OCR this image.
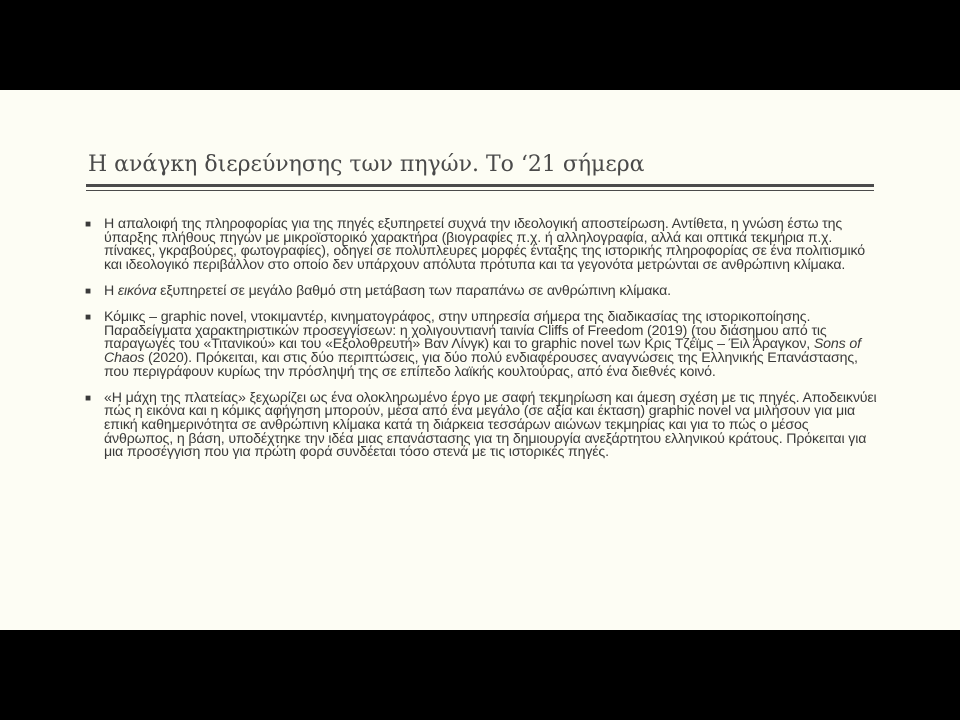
Η ανάγκη διερεύνησης των πηγών. Το ‘21 σήμερα
■ Η απαλοιφή της πληροφορίας για της πηγές εξυπηρετεί συχνά την ιδεολογική αποστείρωση. Αντίθετα, η γνώση έστω της ύπαρξης πλήθους πηγών με μικροϊστορικό χαρακτήρα (βιογραφίες π.χ. ή αλληλογραφία, αλλά και οπτικά τεκμήρια π.χ. πίνακες, γκραβούρες, φωτογραφίες), οδηγεί σε πολύπλευρες μορφές ένταξης της ιστορικής πληροφορίας σε ένα πολιτισμικό και ιδεολογικό περιβάλλον στο οποίο δεν υπάρχουν απόλυτα πρότυπα και τα γεγονότα μετρώνται σε ανθρώπινη κλίμακα.
■ Η εικόνα εξυπηρετεί σε μεγάλο βαθμό στη μετάβαση των παραπάνω σε ανθρώπινη κλίμακα.
■ Κόμικς – graphic novel, ντοκιμαντέρ, κινηματογράφος, στην υπηρεσία σήμερα της διαδικασίας της ιστορικοποίησης. Παραδείγματα χαρακτηριστικών προσεγγίσεων: η χολιγουντιανή ταινία Cliffs of Freedom (2019) (του διάσημου από τις παραγωγές του «Τιτανικού» και του «Εξολοθρευτή» Βαν Λίνγκ) και το graphic novel των Κρις Τζέϊμς – Έιλ Άραγκον, Sons of Chaos (2020). Πρόκειται, και στις δύο περιπτώσεις, για δύο πολύ ενδιαφέρουσες αναγνώσεις της Ελληνικής Επανάστασης, που περιγράφουν κυρίως την πρόσληψή της σε επίπεδο λαϊκής κουλτούρας, από ένα διεθνές κοινό.
■ «Η μάχη της πλατείας» ξεχωρίζει ως ένα ολοκληρωμένο έργο με σαφή τεκμηρίωση και άμεση σχέση με τις πηγές. Αποδεικνύει πώς η εικόνα και η κόμικς αφήγηση μπορούν, μέσα από ένα μεγάλο (σε αξία και έκταση) graphic novel να μιλήσουν για μια επική καθημερινότητα σε ανθρώπινη κλίμακα κατά τη διάρκεια τεσσάρων αιώνων τεκμηρίας και για το πώς ο μέσος άνθρωπος, η βάση, υποδέχτηκε την ιδέα μιας επανάστασης για τη δημιουργία ανεξάρτητου ελληνικού κράτους. Πρόκειται για μια προσέγγιση που για πρώτη φορά συνδέεται τόσο στενά με τις ιστορικές πηγές.
